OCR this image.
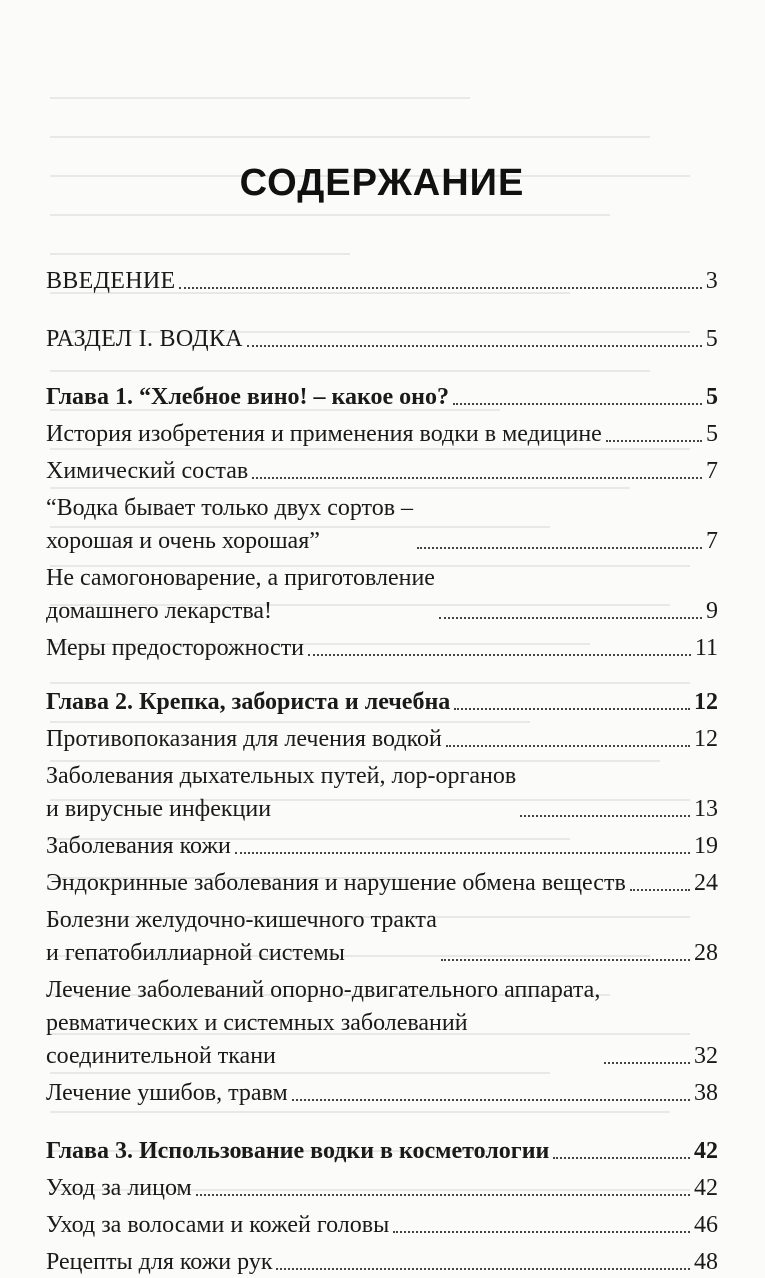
СОДЕРЖАНИЕ
ВВЕДЕНИЕ	3
РАЗДЕЛ I. ВОДКА	5
Глава 1. “Хлебное вино! – какое оно?	5
История изобретения и применения водки в медицине	5
Химический состав	7
“Водка бывает только двух сортов –
хорошая и очень хорошая”	7
Не самогоноварение, а приготовление
домашнего лекарства!	9
Меры предосторожности	11
Глава 2. Крепка, забориста и лечебна	12
Противопоказания для лечения водкой	12
Заболевания дыхательных путей, лор-органов
и вирусные инфекции	13
Заболевания кожи	19
Эндокринные заболевания и нарушение обмена веществ	24
Болезни желудочно-кишечного тракта
и гепатобиллиарной системы	28
Лечение заболеваний опорно-двигательного аппарата,
ревматических и системных заболеваний
соединительной ткани	32
Лечение ушибов, травм	38
Глава 3. Использование водки в косметологии	42
Уход за лицом	42
Уход за волосами и кожей головы	46
Рецепты для кожи рук	48
